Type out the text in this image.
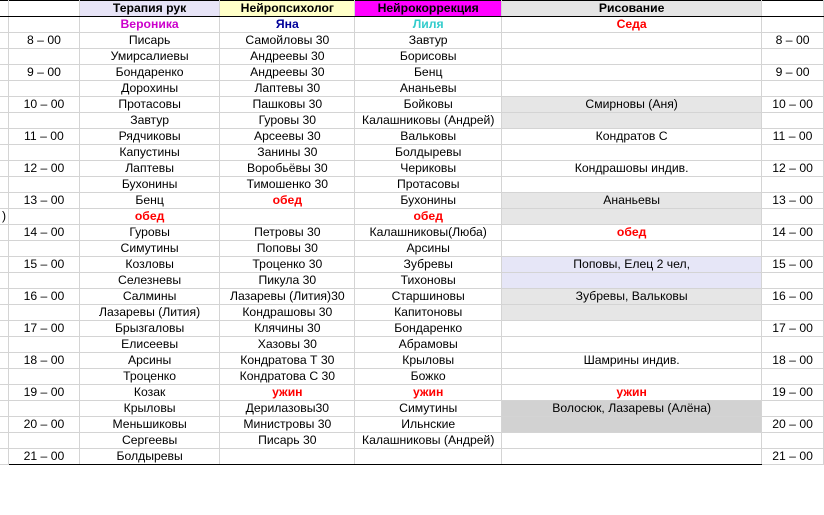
		Терапия рук	Нейропсихолог	Нейрокоррекция	Рисование	
		Вероника	Яна	Лиля	Седа	
	8 – 00	Писарь	Самойловы 30	Завтур		8 – 00
		Умирсалиевы	Андреевы 30	Борисовы		
	9 – 00	Бондаренко	Андреевы 30	Бенц		9 – 00
		Дорохины	Лаптевы 30	Ананьевы		
	10 – 00	Протасовы	Пашковы 30	Бойковы	Смирновы (Аня)	10 – 00
		Завтур	Гуровы 30	Калашниковы (Андрей)		
	11 – 00	Рядчиковы	Арсеевы 30	Вальковы	Кондратов С	11 – 00
		Капустины	Занины 30	Болдыревы		
	12 – 00	Лаптевы	Воробьёвы 30	Чериковы	Кондрашовы индив.	12 – 00
		Бухонины	Тимошенко 30	Протасовы		
	13 – 00	Бенц	обед	Бухонины	Ананьевы	13 – 00
)		обед		обед		
	14 – 00	Гуровы	Петровы 30	Калашниковы(Люба)	обед	14 – 00
		Симутины	Поповы 30	Арсины		
	15 – 00	Козловы	Троценко 30	Зубревы	Поповы, Елец 2 чел,	15 – 00
		Селезневы	Пикула 30	Тихоновы		
	16 – 00	Салмины	Лазаревы (Лития)30	Старшиновы	Зубревы, Вальковы	16 – 00
		Лазаревы (Лития)	Кондрашовы 30	Капитоновы		
	17 – 00	Брызгаловы	Клячины 30	Бондаренко		17 – 00
		Елисеевы	Хазовы 30	Абрамовы		
	18 – 00	Арсины	Кондратова Т 30	Крыловы	Шамрины индив.	18 – 00
		Троценко	Кондратова С 30	Божко		
	19 – 00	Козак	ужин	ужин	ужин	19 – 00
		Крыловы	Дерилазовы30	Симутины	Волосюк, Лазаревы (Алёна)	
	20 – 00	Меньшиковы	Министровы 30	Ильнские		20 – 00
		Сергеевы	Писарь 30	Калашниковы (Андрей)		
	21 – 00	Болдыревы				21 – 00
